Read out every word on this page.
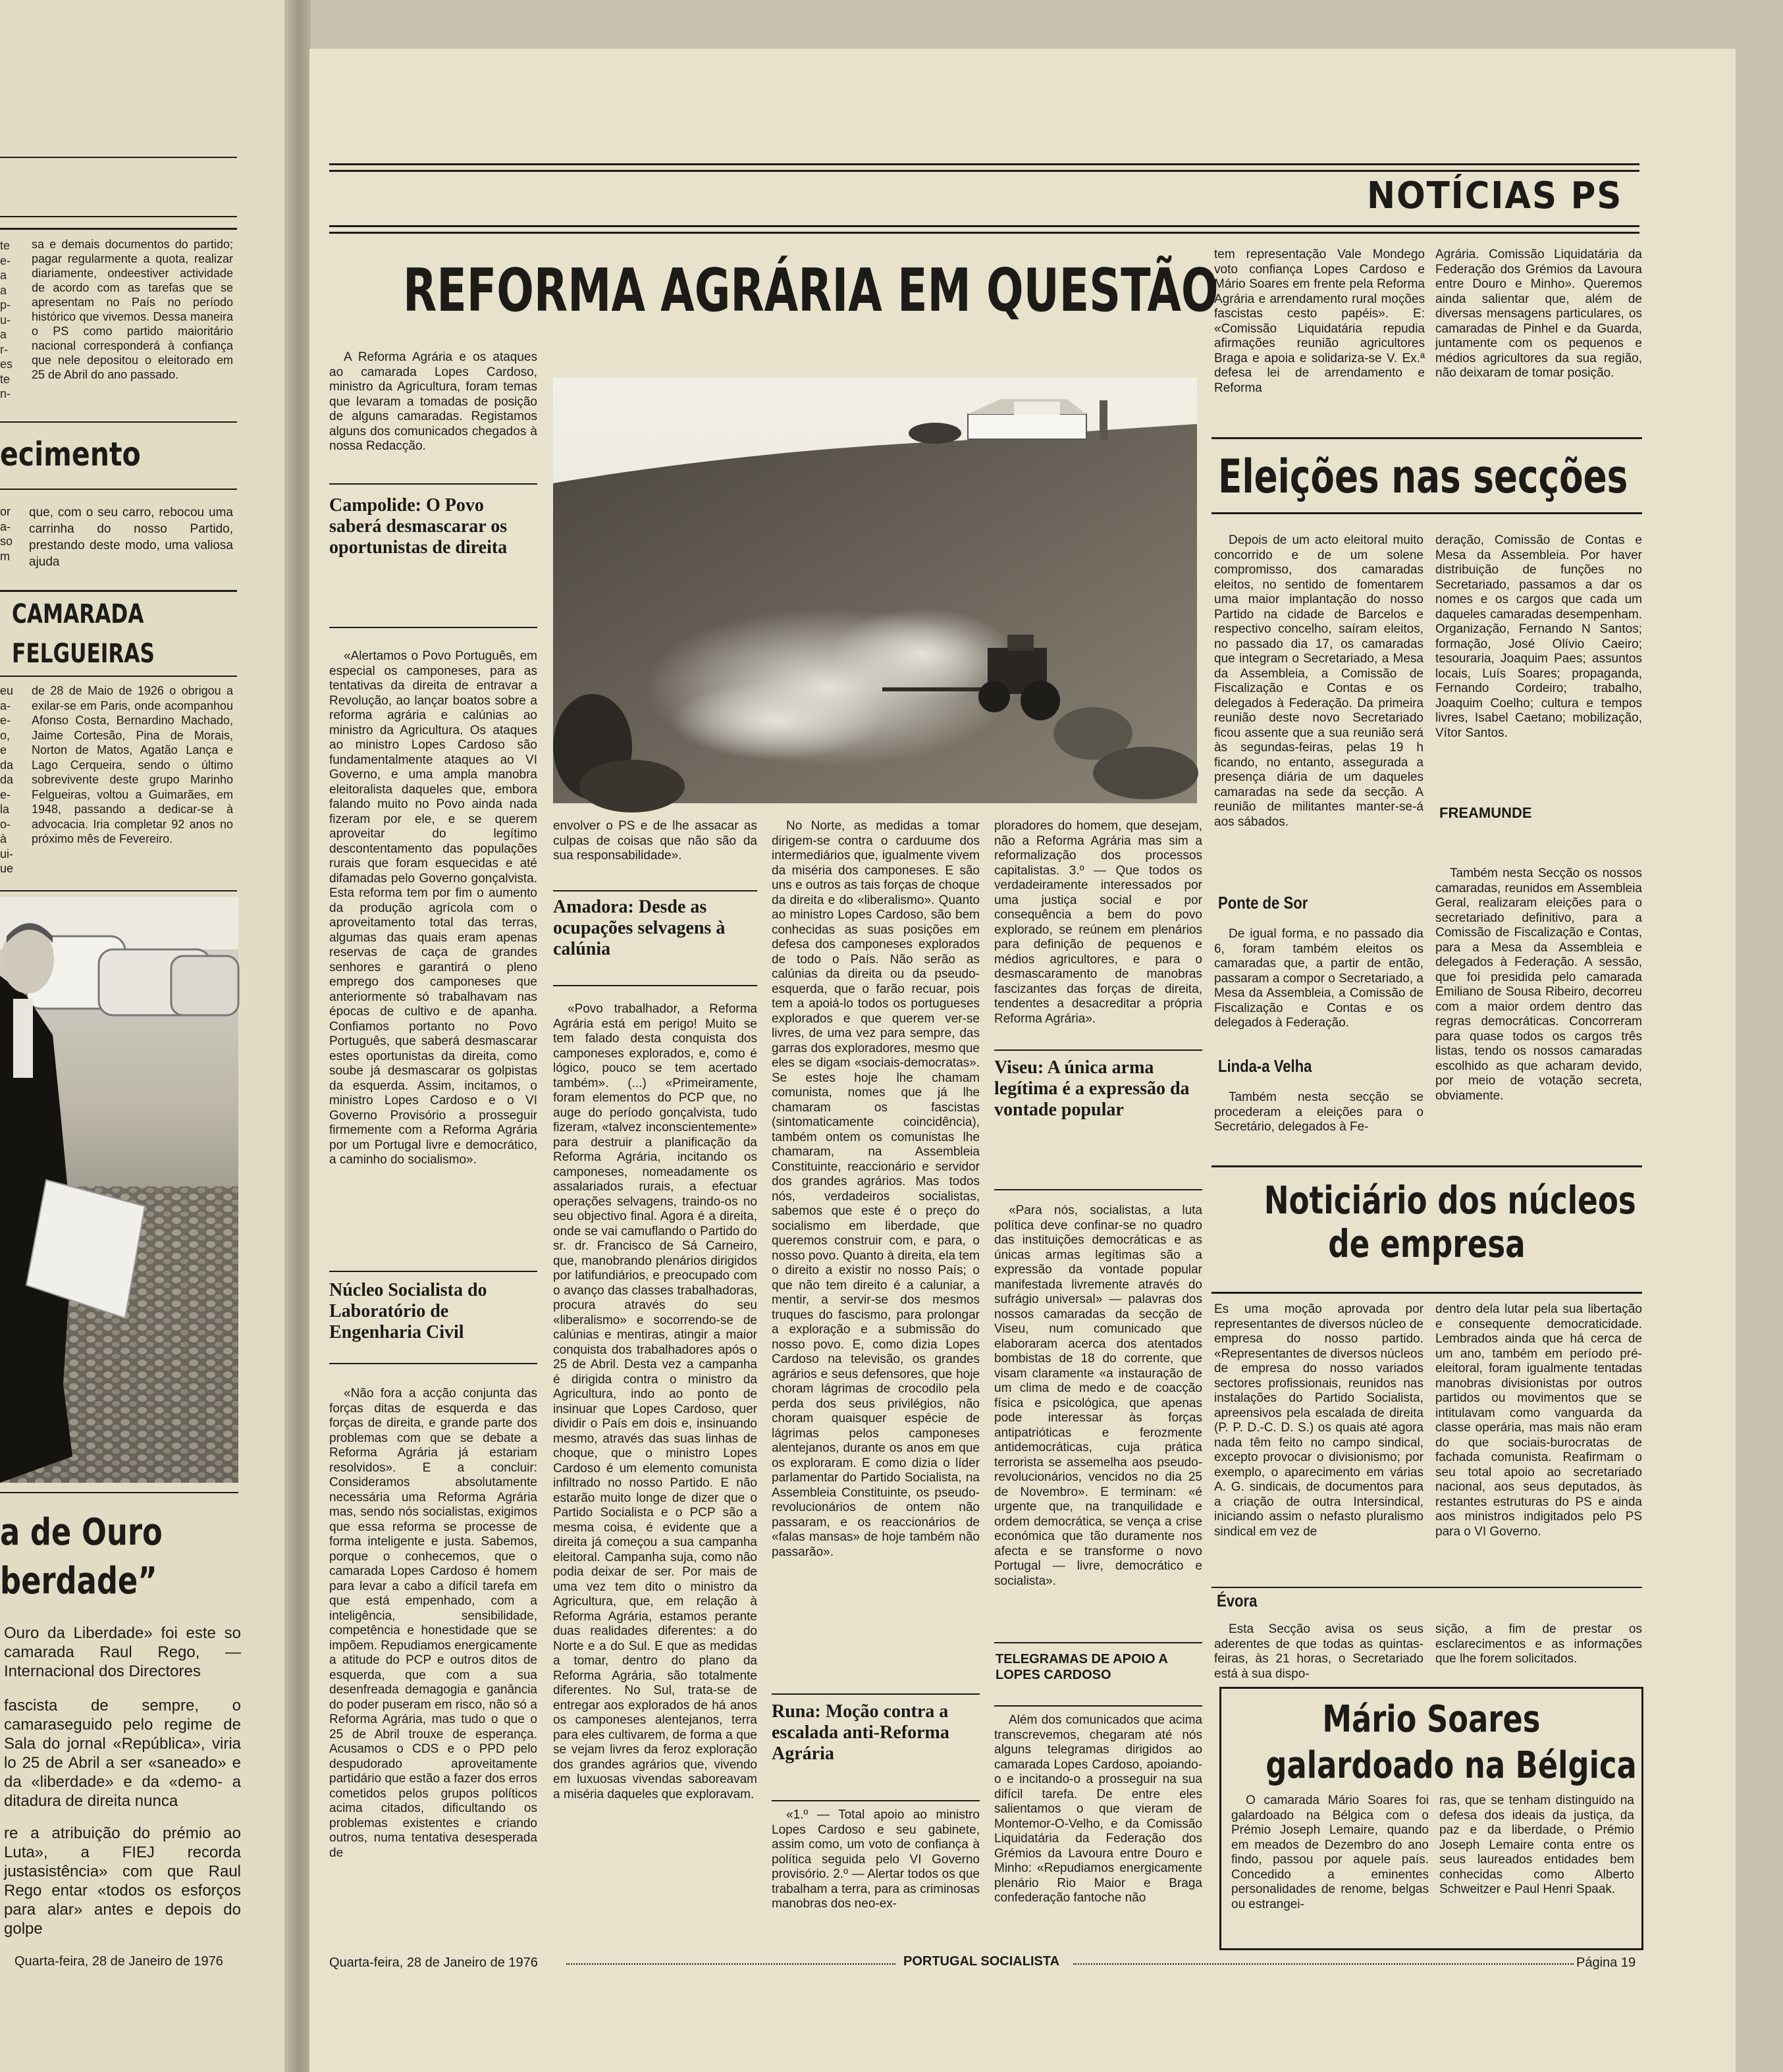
te
e-
a
a
p-
u-
a
r-
es
te
n-
sa e demais documentos do partido; pagar regularmente a quota, realizar diariamente, ondeestiver actividade de acordo com as tarefas que se apresentam no País no período histórico que vivemos. Dessa maneira o PS como partido maioritário nacional corresponderá à confiança que nele depositou o eleitorado em 25 de Abril do ano passado.
ecimento
or
a-
so
m
que, com o seu carro, rebocou uma carrinha do nosso Partido, prestando deste modo, uma valiosa ajuda
CAMARADA
FELGUEIRAS
eu
a-
e-
o,
e
da
da
e-
la
o-
à
ui-
ue
de 28 de Maio de 1926 o obrigou a exilar-se em Paris, onde acompanhou Afonso Costa, Bernardino Machado, Jaime Cortesão, Pina de Morais, Norton de Matos, Agatão Lança e Lago Cerqueira, sendo o último sobrevivente deste grupo Marinho Felgueiras, voltou a Guimarães, em 1948, passando a dedicar-se à advocacia. Iria completar 92 anos no próximo mês de Fevereiro.
a de Ouro
berdade”
Ouro da Liberdade» foi este so camarada Raul Rego, — Internacional dos Directores
fascista de sempre, o camaraseguido pelo regime de Sala do jornal «República», viria lo 25 de Abril a ser «saneado» e da «liberdade» e da «demo- a ditadura de direita nunca
re a atribuição do prémio ao Luta», a FIEJ recorda justasistência» com que Raul Rego entar «todos os esforços para alar» antes e depois do golpe
Quarta-feira, 28 de Janeiro de 1976
NOTÍCIAS PS
REFORMA AGRÁRIA EM QUESTÃO

A Reforma Agrária e os ataques ao camarada Lopes Cardoso, ministro da Agricultura, foram temas que levaram a tomadas de posição de alguns camaradas. Registamos alguns dos comunicados chegados à nossa Redacção.

Campolide: O Povo saberá desmascarar os oportunistas de direita

«Alertamos o Povo Português, em especial os camponeses, para as tentativas da direita de entravar a Revolução, ao lançar boatos sobre a reforma agrária e calúnias ao ministro da Agricultura. Os ataques ao ministro Lopes Cardoso são fundamentalmente ataques ao VI Governo, e uma ampla manobra eleitoralista daqueles que, embora falando muito no Povo ainda nada fizeram por ele, e se querem aproveitar do legítimo descontentamento das populações rurais que foram esquecidas e até difamadas pelo Governo gonçalvista. Esta reforma tem por fim o aumento da produção agrícola com o aproveitamento total das terras, algumas das quais eram apenas reservas de caça de grandes senhores e garantirá o pleno emprego dos camponeses que anteriormente só trabalhavam nas épocas de cultivo e de apanha. Confiamos portanto no Povo Português, que saberá desmascarar estes oportunistas da direita, como soube já desmascarar os golpistas da esquerda. Assim, incitamos, o ministro Lopes Cardoso e o VI Governo Provisório a prosseguir firmemente com a Reforma Agrária por um Portugal livre e democrático, a caminho do socialismo».

Núcleo Socialista do Laboratório de Engenharia Civil

«Não fora a acção conjunta das forças ditas de esquerda e das forças de direita, e grande parte dos problemas com que se debate a Reforma Agrária já estariam resolvidos». E a concluir: Consideramos absolutamente necessária uma Reforma Agrária mas, sendo nós socialistas, exigimos que essa reforma se processe de forma inteligente e justa. Sabemos, porque o conhecemos, que o camarada Lopes Cardoso é homem para levar a cabo a difícil tarefa em que está empenhado, com a inteligência, sensibilidade, competência e honestidade que se impõem. Repudiamos energicamente a atitude do PCP e outros ditos de esquerda, que com a sua desenfreada demagogia e ganância do poder puseram em risco, não só a Reforma Agrária, mas tudo o que o 25 de Abril trouxe de esperança. Acusamos o CDS e o PPD pelo despudorado aproveitamente partidário que estão a fazer dos erros cometidos pelos grupos políticos acima citados, dificultando os problemas existentes e criando outros, numa tentativa desesperada de

envolver o PS e de lhe assacar as culpas de coisas que não são da sua responsabilidade».
Amadora: Desde as ocupações selvagens à calúnia

«Povo trabalhador, a Reforma Agrária está em perigo! Muito se tem falado desta conquista dos camponeses explorados, e, como é lógico, pouco se tem acertado também». (...) «Primeiramente, foram elementos do PCP que, no auge do período gonçalvista, tudo fizeram, «talvez inconscientemente» para destruir a planificação da Reforma Agrária, incitando os camponeses, nomeadamente os assalariados rurais, a efectuar operações selvagens, traindo-os no seu objectivo final. Agora é a direita, onde se vai camuflando o Partido do sr. dr. Francisco de Sá Carneiro, que, manobrando plenários dirigidos por latifundiários, e preocupado com o avanço das classes trabalhadoras, procura através do seu «liberalismo» e socorrendo-se de calúnias e mentiras, atingir a maior conquista dos trabalhadores após o 25 de Abril. Desta vez a campanha é dirigida contra o ministro da Agricultura, indo ao ponto de insinuar que Lopes Cardoso, quer dividir o País em dois e, insinuando mesmo, através das suas linhas de choque, que o ministro Lopes Cardoso é um elemento comunista infiltrado no nosso Partido. E não estarão muito longe de dizer que o Partido Socialista e o PCP são a mesma coisa, é evidente que a direita já começou a sua campanha eleitoral. Campanha suja, como não podia deixar de ser. Por mais de uma vez tem dito o ministro da Agricultura, que, em relação à Reforma Agrária, estamos perante duas realidades diferentes: a do Norte e a do Sul. E que as medidas a tomar, dentro do plano da Reforma Agrária, são totalmente diferentes. No Sul, trata-se de entregar aos explorados de há anos os camponeses alentejanos, terra para eles cultivarem, de forma a que se vejam livres da feroz exploração dos grandes agrários que, vivendo em luxuosas vivendas saboreavam a miséria daqueles que exploravam.

No Norte, as medidas a tomar dirigem-se contra o carduume dos intermediários que, igualmente vivem da miséria dos camponeses. E são uns e outros as tais forças de choque da direita e do «liberalismo». Quanto ao ministro Lopes Cardoso, são bem conhecidas as suas posições em defesa dos camponeses explorados de todo o País. Não serão as calúnias da direita ou da pseudo-esquerda, que o farão recuar, pois tem a apoiá-lo todos os portugueses explorados e que querem ver-se livres, de uma vez para sempre, das garras dos exploradores, mesmo que eles se digam «sociais-democratas». Se estes hoje lhe chamam comunista, nomes que já lhe chamaram os fascistas (sintomaticamente coincidência), também ontem os comunistas lhe chamaram, na Assembleia Constituinte, reaccionário e servidor dos grandes agrários. Mas todos nós, verdadeiros socialistas, sabemos que este é o preço do socialismo em liberdade, que queremos construir com, e para, o nosso povo. Quanto à direita, ela tem o direito a existir no nosso País; o que não tem direito é a caluniar, a mentir, a servir-se dos mesmos truques do fascismo, para prolongar a exploração e a submissão do nosso povo. E, como dizia Lopes Cardoso na televisão, os grandes agrários e seus defensores, que hoje choram lágrimas de crocodilo pela perda dos seus privilégios, não choram quaisquer espécie de lágrimas pelos camponeses alentejanos, durante os anos em que os exploraram. E como dizia o líder parlamentar do Partido Socialista, na Assembleia Constituinte, os pseudo-revolucionários de ontem não passaram, e os reaccionários de «falas mansas» de hoje também não passarão».

Runa: Moção contra a escalada anti-Reforma Agrária

«1.º — Total apoio ao ministro Lopes Cardoso e seu gabinete, assim como, um voto de confiança à política seguida pelo VI Governo provisório. 2.º — Alertar todos os que trabalham a terra, para as criminosas manobras dos neo-ex-

ploradores do homem, que desejam, não a Reforma Agrária mas sim a reformalização dos processos capitalistas. 3.º — Que todos os verdadeiramente interessados por uma justiça social e por consequência a bem do povo explorado, se reúnem em plenários para definição de pequenos e médios agricultores, e para o desmascaramento de manobras fascizantes das forças de direita, tendentes a desacreditar a própria Reforma Agrária».
Viseu: A única arma legítima é a expressão da vontade popular

«Para nós, socialistas, a luta política deve confinar-se no quadro das instituições democráticas e as únicas armas legítimas são a expressão da vontade popular manifestada livremente através do sufrágio universal» — palavras dos nossos camaradas da secção de Viseu, num comunicado que elaboraram acerca dos atentados bombistas de 18 do corrente, que visam claramente «a instauração de um clima de medo e de coacção física e psicológica, que apenas pode interessar às forças antipatrióticas e ferozmente antidemocráticas, cuja prática terrorista se assemelha aos pseudo-revolucionários, vencidos no dia 25 de Novembro». E terminam: «é urgente que, na tranquilidade e ordem democrática, se vença a crise económica que tão duramente nos afecta e se transforme o novo Portugal — livre, democrático e socialista».

TELEGRAMAS DE APOIO A LOPES CARDOSO

Além dos comunicados que acima transcrevemos, chegaram até nós alguns telegramas dirigidos ao camarada Lopes Cardoso, apoiando-o e incitando-o a prosseguir na sua difícil tarefa. De entre eles salientamos o que vieram de Montemor-O-Velho, e da Comissão Liquidatária da Federação dos Grémios da Lavoura entre Douro e Minho: «Repudiamos energicamente plenário Rio Maior e Braga confederação fantoche não

tem representação Vale Mondego voto confiança Lopes Cardoso e Mário Soares em frente pela Reforma Agrária e arrendamento rural moções fascistas cesto papéis». E: «Comissão Liquidatária repudia afirmações reunião agricultores Braga e apoia e solidariza-se V. Ex.ª defesa lei de arrendamento e Reforma
Agrária. Comissão Liquidatária da Federação dos Grémios da Lavoura entre Douro e Minho». Queremos ainda salientar que, além de diversas mensagens particulares, os camaradas de Pinhel e da Guarda, juntamente com os pequenos e médios agricultores da sua região, não deixaram de tomar posição.
Eleições nas secções

Depois de um acto eleitoral muito concorrido e de um solene compromisso, dos camaradas eleitos, no sentido de fomentarem uma maior implantação do nosso Partido na cidade de Barcelos e respectivo concelho, saíram eleitos, no passado dia 17, os camaradas que integram o Secretariado, a Mesa da Assembleia, a Comissão de Fiscalização e Contas e os delegados à Federação. Da primeira reunião deste novo Secretariado ficou assente que a sua reunião será às segundas-feiras, pelas 19 h ficando, no entanto, assegurada a presença diária de um daqueles camaradas na sede da secção. A reunião de militantes manter-se-á aos sábados.

Ponte de Sor

De igual forma, e no passado dia 6, foram também eleitos os camaradas que, a partir de então, passaram a compor o Secretariado, a Mesa da Assembleia, a Comissão de Fiscalização e Contas e os delegados à Federação.

Linda-a Velha

Também nesta secção se procederam a eleições para o Secretário, delegados à Fe-

deração, Comissão de Contas e Mesa da Assembleia. Por haver distribuição de funções no Secretariado, passamos a dar os nomes e os cargos que cada um daqueles camaradas desempenham. Organização, Fernando N Santos; formação, José Olívio Caeiro; tesouraria, Joaquim Paes; assuntos locais, Luís Soares; propaganda, Fernando Cordeiro; trabalho, Joaquim Coelho; cultura e tempos livres, Isabel Caetano; mobilização, Vítor Santos.
FREAMUNDE

Também nesta Secção os nossos camaradas, reunidos em Assembleia Geral, realizaram eleições para o secretariado definitivo, para a Comissão de Fiscalização e Contas, para a Mesa da Assembleia e delegados à Federação. A sessão, que foi presidida pelo camarada Emiliano de Sousa Ribeiro, decorreu com a maior ordem dentro das regras democráticas. Concorreram para quase todos os cargos três listas, tendo os nossos camaradas escolhido as que acharam devido, por meio de votação secreta, obviamente.

Noticiário dos núcleos
de empresa
Es uma moção aprovada por representantes de diversos núcleo de empresa do nosso partido. «Representantes de diversos núcleos de empresa do nosso variados sectores profissionais, reunidos nas instalações do Partido Socialista, apreensivos pela escalada de direita (P. P. D.-C. D. S.) os quais até agora nada têm feito no campo sindical, excepto provocar o divisionismo; por exemplo, o aparecimento em várias A. G. sindicais, de documentos para a criação de outra Intersindical, iniciando assim o nefasto pluralismo sindical em vez de
dentro dela lutar pela sua libertação e consequente democraticidade. Lembrados ainda que há cerca de um ano, também em período pré-eleitoral, foram igualmente tentadas manobras divisionistas por outros partidos ou movimentos que se intitulavam como vanguarda da classe operária, mas mais não eram do que sociais-burocratas de fachada comunista. Reafirmam o seu total apoio ao secretariado nacional, aos seus deputados, às restantes estruturas do PS e ainda aos ministros indigitados pelo PS para o VI Governo.
Évora

Esta Secção avisa os seus aderentes de que todas as quintas-feiras, às 21 horas, o Secretariado está à sua dispo-

sição, a fim de prestar os esclarecimentos e as informações que lhe forem solicitados.
Mário Soares
galardoado na Bélgica

O camarada Mário Soares foi galardoado na Bélgica com o Prémio Joseph Lemaire, quando em meados de Dezembro do ano findo, passou por aquele país. Concedido a eminentes personalidades de renome, belgas ou estrangei-

ras, que se tenham distinguido na defesa dos ideais da justiça, da paz e da liberdade, o Prémio Joseph Lemaire conta entre os seus laureados entidades bem conhecidas como Alberto Schweitzer e Paul Henri Spaak.
Quarta-feira, 28 de Janeiro de 1976	PORTUGAL SOCIALISTA	Página 19
